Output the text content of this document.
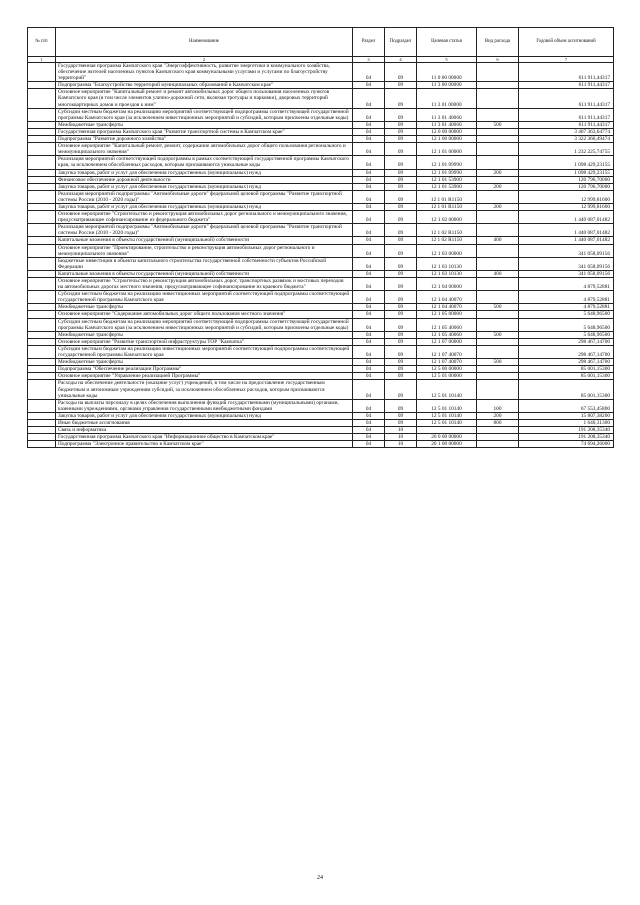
№ п/п	Наименование	Раздел	Подраздел	Целевая статья	Вид расхода	Годовой объем ассигнований
1	2	3	4	5	6	7
	Государственная программа Камчатского края "Энергоэффективность, развитие энергетики и коммунального хозяйства, обеспечение жителей населенных пунктов Камчатского края коммунальными услугами и услугами по благоустройству территорий"	04	09	11 0 00 00000		611 911,44317
	Подпрограмма "Благоустройство территорий муниципальных образований в Камчатском крае"	04	09	11 3 00 00000		611 911,44317
	Основное мероприятие "Капитальный ремонт и ремонт автомобильных дорог общего пользования населенных пунктов Камчатского края (в том числе элементов улично-дорожной сети, включая тротуары и парковки), дворовых территорий многоквартирных домов и проездов к ним"	04	09	11 3 01 00000		611 911,44317
	Субсидии местным бюджетам на реализацию мероприятий соответствующей подпрограммы соответствующей государственной программы Камчатского края (за исключением инвестиционных мероприятий и субсидий, которым присвоены отдельные коды)	04	09	11 3 01 40060		611 911,44317
	Межбюджетные трансферты	04	09	11 3 01 40060	500	611 911,44317
	Государственная программа Камчатского края "Развитие транспортной системы в Камчатском крае"	04	09	12 0 00 00000		3 407 363,64774
	Подпрограмма "Развитие дорожного хозяйства"	04	09	12 1 00 00000		3 322 366,49474
	Основное мероприятие "Капитальный ремонт, ремонт, содержание автомобильных дорог общего пользования регионального и межмуниципального значения"	04	09	12 1 01 00000		1 232 225,74755
	Реализация мероприятий соответствующей подпрограммы в рамках соответствующей государственной программы Камчатского края, за исключением обособленных расходов, которым присваиваются уникальные коды	04	09	12 1 01 09990		1 098 429,23155
	Закупка товаров, работ и услуг для обеспечения государственных (муниципальных) нужд	04	09	12 1 01 09990	200	1 098 429,23155
	Финансовое обеспечение дорожной деятельности	04	09	12 1 01 53900		120 796,70000
	Закупка товаров, работ и услуг для обеспечения государственных (муниципальных) нужд	04	09	12 1 01 53900	200	120 796,70000
	Реализация мероприятий подпрограммы "Автомобильные дороги" федеральной целевой программы "Развитие транспортной системы России (2010 - 2020 годы)"	04	09	12 1 01 R1150		12 999,81600
	Закупка товаров, работ и услуг для обеспечения государственных (муниципальных) нужд	04	09	12 1 01 R1150	200	12 999,81600
	Основное мероприятие "Строительство и реконструкция автомобильных дорог регионального и межмуниципального значения, предусматривающее софинансирование из федерального бюджета"	04	09	12 1 02 00000		1 440 087,01482
	Реализация мероприятий подпрограммы "Автомобильные дороги" федеральной целевой программы "Развитие транспортной системы России (2010 - 2020 годы)"	04	09	12 1 02 R1150		1 440 087,01482
	Капитальные вложения в объекты государственной (муниципальной) собственности	04	09	12 1 02 R1150	400	1 440 087,01482
	Основное мероприятие "Проектирование, строительство и реконструкция автомобильных дорог регионального и межмуниципального значения"	04	09	12 1 03 00000		341 058,09156
	Бюджетные инвестиции в объекты капитального строительства государственной собственности субъектов Российской Федерации	04	09	12 1 03 10130		341 058,09156
	Капитальные вложения в объекты государственной (муниципальной) собственности	04	09	12 1 03 10130	400	341 058,09156
	Основное мероприятие "Строительство и реконструкция автомобильных дорог, транспортных развязок и мостовых переходов на автомобильных дорогах местного значения, предусматривающее софинансирование из краевого бюджета"	04	09	12 1 04 00000		4 879,52881
	Субсидии местным бюджетам на реализацию инвестиционных мероприятий соответствующей подпрограммы соответствующей государственной программы Камчатского края	04	09	12 1 04 40070		4 879,52881
	Межбюджетные трансферты	04	09	12 1 04 40070	500	4 879,52881
	Основное мероприятие "Содержание автомобильных дорог общего пользования местного значения"	04	09	12 1 05 00000		5 648,96500
	Субсидии местным бюджетам на реализацию мероприятий соответствующей подпрограммы соответствующей государственной программы Камчатского края (за исключением инвестиционных мероприятий и субсидий, которым присвоены отдельные коды)	04	09	12 1 05 40060		5 648,96500
	Межбюджетные трансферты	04	09	12 1 05 40060	500	5 648,96500
	Основное мероприятие "Развитие транспортной инфраструктуры ТОР "Камчатка"	04	09	12 1 07 00000		298 467,14700
	Субсидии местным бюджетам на реализацию инвестиционных мероприятий соответствующей подпрограммы соответствующей государственной программы Камчатского края	04	09	12 1 07 40070		298 467,14700
	Межбюджетные трансферты	04	09	12 1 07 40070	500	298 467,14700
	Подпрограмма "Обеспечение реализации Программы"	04	09	12 5 00 00000		85 001,15300
	Основное мероприятие "Управление реализацией Программы"	04	09	12 5 01 00000		85 001,15300
	Расходы на обеспечение деятельности (оказание услуг) учреждений, в том числе на предоставление государственным бюджетным и автономным учреждениям субсидий, за исключением обособленных расходов, которым присваиваются уникальные коды	04	09	12 5 01 10140		85 001,15300
	Расходы на выплаты персоналу в целях обеспечения выполнения функций государственными (муниципальными) органами, казенными учреждениями, органами управления государственными внебюджетными фондами	04	09	12 5 01 10140	100	67 553,45800
	Закупка товаров, работ и услуг для обеспечения государственных (муниципальных) нужд	04	09	12 5 01 10140	200	15 807,38200
	Иные бюджетные ассигнования	04	09	12 5 01 10140	800	1 640,31300
	Связь и информатика	04	10			191 208,35340
	Государственная программа Камчатского края "Информационное общество в Камчатском крае"	04	10	20 0 00 00000		191 208,35340
	Подпрограмма "Электронное правительство в Камчатском крае"	04	10	20 1 00 00000		74 694,26000
24
